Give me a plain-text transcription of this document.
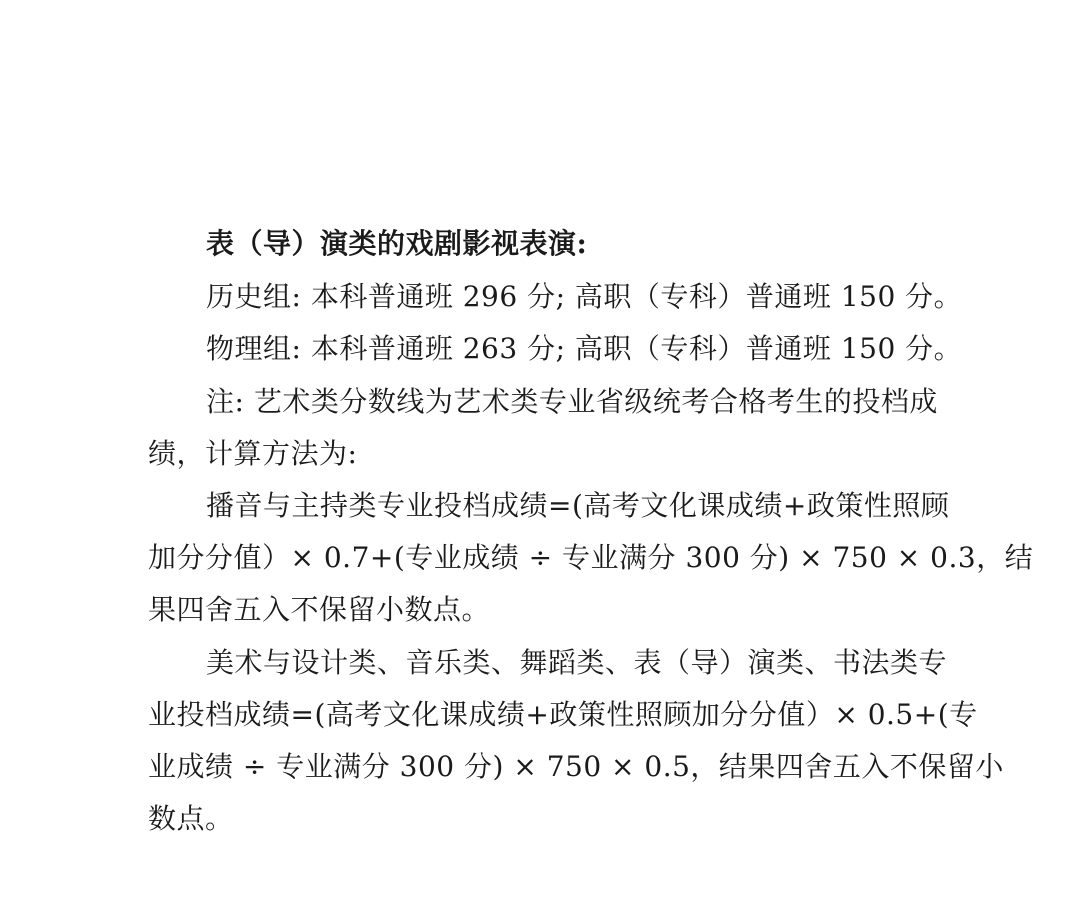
表（导）演类的戏剧影视表演:
历史组: 本科普通班 296 分; 高职（专科）普通班 150 分。
物理组: 本科普通班 263 分; 高职（专科）普通班 150 分。
注: 艺术类分数线为艺术类专业省级统考合格考生的投档成
绩，计算方法为:
播音与主持类专业投档成绩=(高考文化课成绩+政策性照顾
加分分值）× 0.7+(专业成绩 ÷ 专业满分 300 分) × 750 × 0.3，结
果四舍五入不保留小数点。
美术与设计类、音乐类、舞蹈类、表（导）演类、书法类专
业投档成绩=(高考文化课成绩+政策性照顾加分分值）× 0.5+(专
业成绩 ÷ 专业满分 300 分) × 750 × 0.5，结果四舍五入不保留小
数点。
